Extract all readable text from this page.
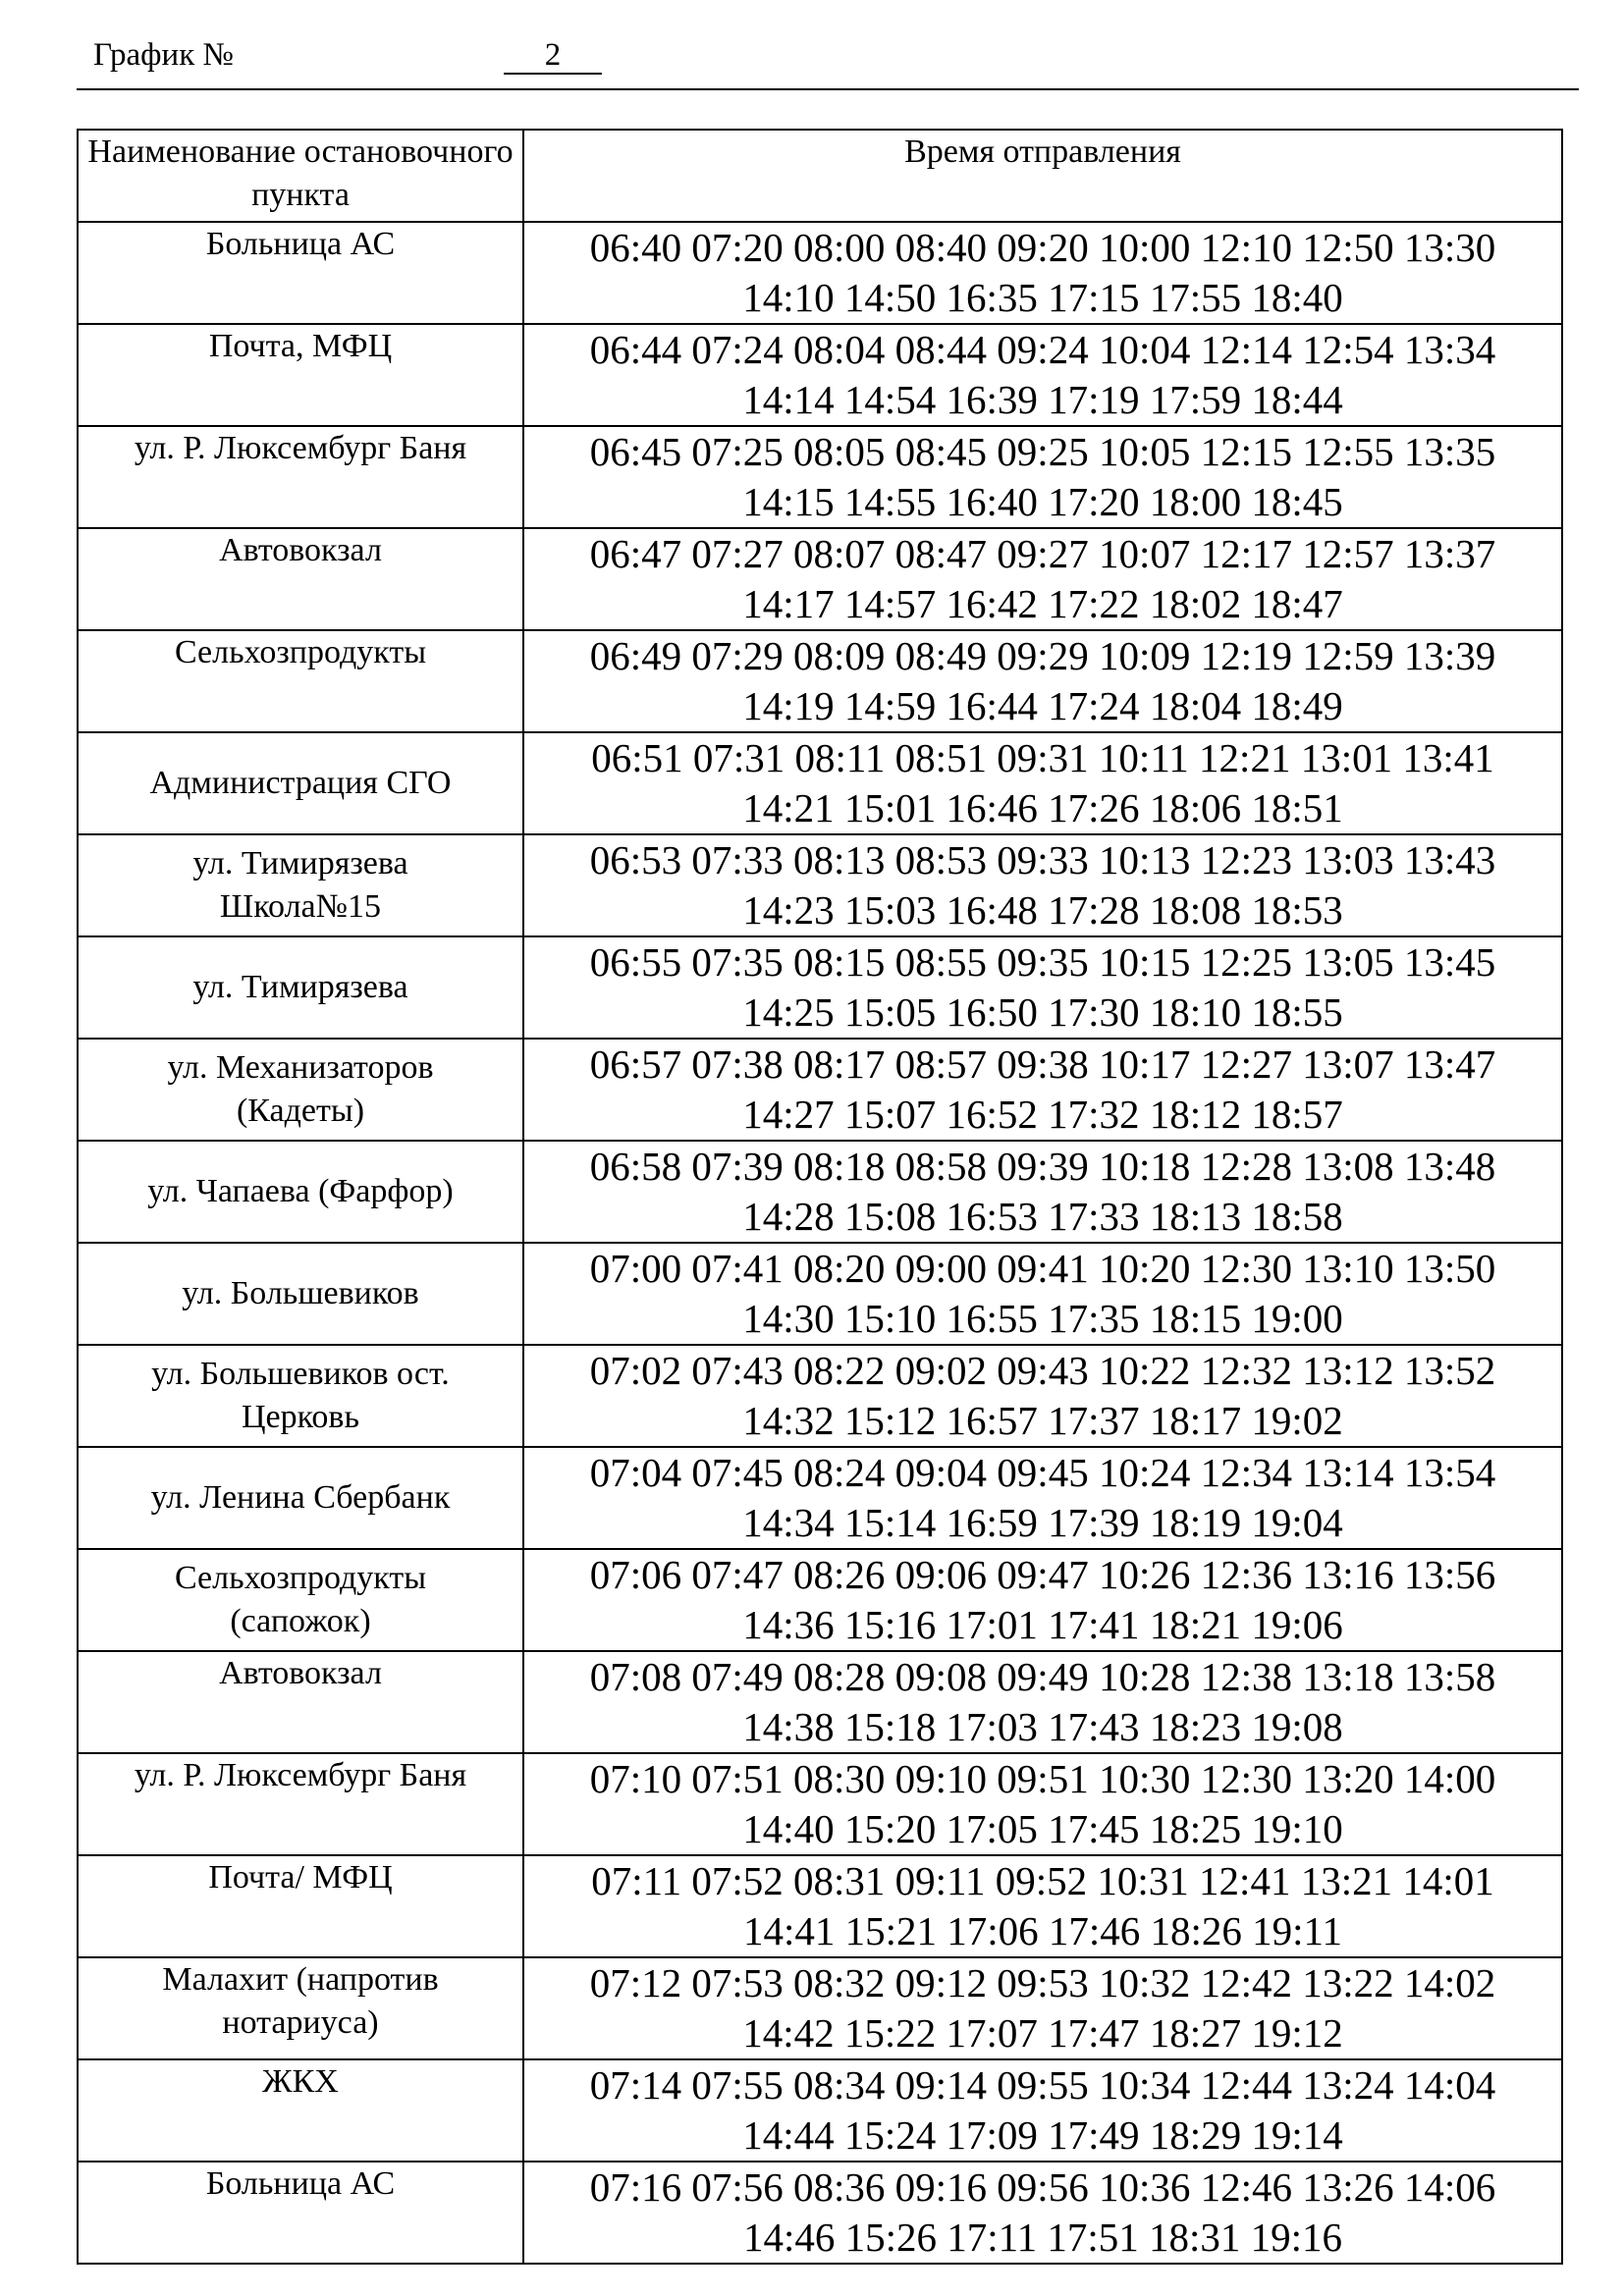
График №	2
Наименование остановочного пункта	Время отправления
Больница АС	06:40 07:20 08:00 08:40 09:20 10:00 12:10 12:50 13:30
14:10 14:50 16:35 17:15 17:55 18:40
Почта, МФЦ	06:44 07:24 08:04 08:44 09:24 10:04 12:14 12:54 13:34
14:14 14:54 16:39 17:19 17:59 18:44
ул. Р. Люксембург Баня	06:45 07:25 08:05 08:45 09:25 10:05 12:15 12:55 13:35
14:15 14:55 16:40 17:20 18:00 18:45
Автовокзал	06:47 07:27 08:07 08:47 09:27 10:07 12:17 12:57 13:37
14:17 14:57 16:42 17:22 18:02 18:47
Сельхозпродукты	06:49 07:29 08:09 08:49 09:29 10:09 12:19 12:59 13:39
14:19 14:59 16:44 17:24 18:04 18:49
Администрация СГО	06:51 07:31 08:11 08:51 09:31 10:11 12:21 13:01 13:41
14:21 15:01 16:46 17:26 18:06 18:51
ул. Тимирязева
Школа№15	06:53 07:33 08:13 08:53 09:33 10:13 12:23 13:03 13:43
14:23 15:03 16:48 17:28 18:08 18:53
ул. Тимирязева	06:55 07:35 08:15 08:55 09:35 10:15 12:25 13:05 13:45
14:25 15:05 16:50 17:30 18:10 18:55
ул. Механизаторов
(Кадеты)	06:57 07:38 08:17 08:57 09:38 10:17 12:27 13:07 13:47
14:27 15:07 16:52 17:32 18:12 18:57
ул. Чапаева (Фарфор)	06:58 07:39 08:18 08:58 09:39 10:18 12:28 13:08 13:48
14:28 15:08 16:53 17:33 18:13 18:58
ул. Большевиков	07:00 07:41 08:20 09:00 09:41 10:20 12:30 13:10 13:50
14:30 15:10 16:55 17:35 18:15 19:00
ул. Большевиков ост.
Церковь	07:02 07:43 08:22 09:02 09:43 10:22 12:32 13:12 13:52
14:32 15:12 16:57 17:37 18:17 19:02
ул. Ленина Сбербанк	07:04 07:45 08:24 09:04 09:45 10:24 12:34 13:14 13:54
14:34 15:14 16:59 17:39 18:19 19:04
Сельхозпродукты
(сапожок)	07:06 07:47 08:26 09:06 09:47 10:26 12:36 13:16 13:56
14:36 15:16 17:01 17:41 18:21 19:06
Автовокзал	07:08 07:49 08:28 09:08 09:49 10:28 12:38 13:18 13:58
14:38 15:18 17:03 17:43 18:23 19:08
ул. Р. Люксембург Баня	07:10 07:51 08:30 09:10 09:51 10:30 12:30 13:20 14:00
14:40 15:20 17:05 17:45 18:25 19:10
Почта/ МФЦ	07:11 07:52 08:31 09:11 09:52 10:31 12:41 13:21 14:01
14:41 15:21 17:06 17:46 18:26 19:11
Малахит (напротив
нотариуса)	07:12 07:53 08:32 09:12 09:53 10:32 12:42 13:22 14:02
14:42 15:22 17:07 17:47 18:27 19:12
ЖКХ	07:14 07:55 08:34 09:14 09:55 10:34 12:44 13:24 14:04
14:44 15:24 17:09 17:49 18:29 19:14
Больница АС	07:16 07:56 08:36 09:16 09:56 10:36 12:46 13:26 14:06
14:46 15:26 17:11 17:51 18:31 19:16
